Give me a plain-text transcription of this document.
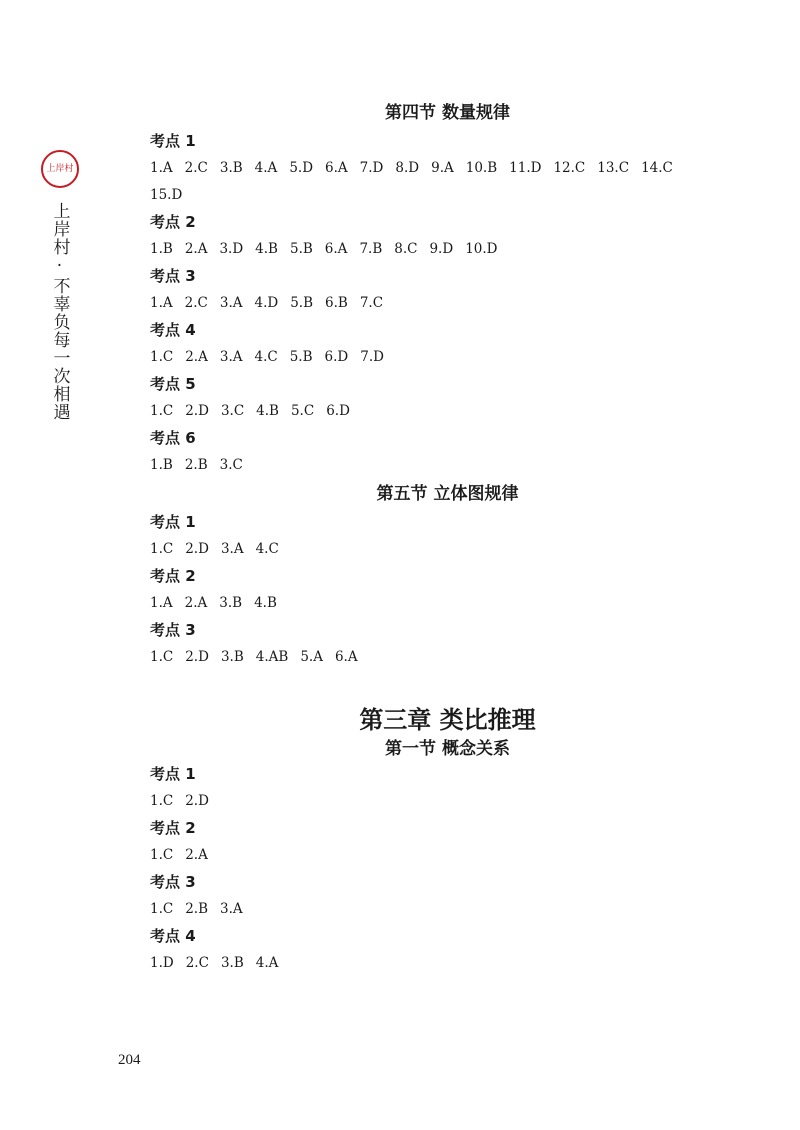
上岸村
上岸村·不辜负每一次相遇
第四节 数量规律
考点 1
1.A 2.C 3.B 4.A 5.D 6.A 7.D 8.D 9.A 10.B 11.D 12.C 13.C 14.C15.D
考点 2
1.B 2.A 3.D 4.B 5.B 6.A 7.B 8.C 9.D 10.D
考点 3
1.A 2.C 3.A 4.D 5.B 6.B 7.C
考点 4
1.C 2.A 3.A 4.C 5.B 6.D 7.D
考点 5
1.C 2.D 3.C 4.B 5.C 6.D
考点 6
1.B 2.B 3.C
第五节 立体图规律
考点 1
1.C 2.D 3.A 4.C
考点 2
1.A 2.A 3.B 4.B
考点 3
1.C 2.D 3.B 4.AB 5.A 6.A
第三章 类比推理
第一节 概念关系
考点 1
1.C 2.D
考点 2
1.C 2.A
考点 3
1.C 2.B 3.A
考点 4
1.D 2.C 3.B 4.A
204
